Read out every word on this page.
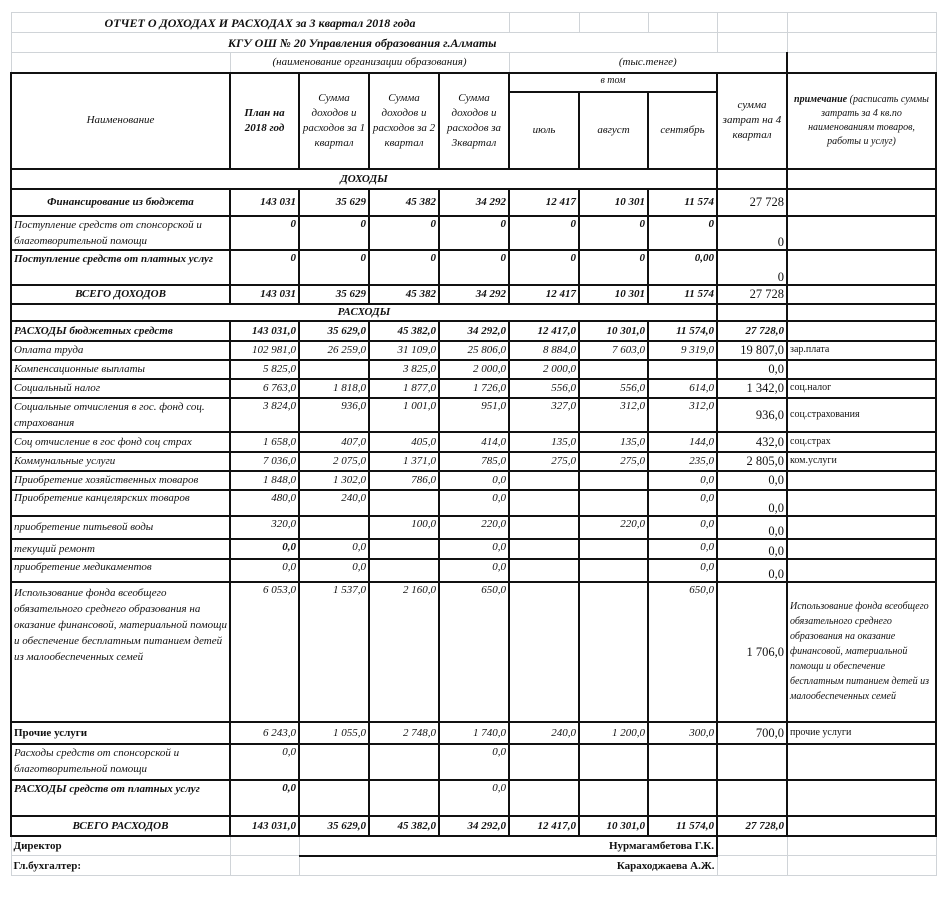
ОТЧЕТ О ДОХОДАХ И РАСХОДАХ за 3 квартал 2018 года									
КГУ ОШ № 20 Управления образования г.Алматы									
	(наименование организации образования)				(тыс.тенге)				
Наименование	План на 2018 год	Сумма доходов и расходов за 1 квартал	Сумма доходов и расходов за 2 квартал	Сумма доходов и расходов за 3квартал	в том			сумма затрат на 4 квартал	примечание (расписать суммы затрать за 4 кв.по наименованиям товаров, работы и услуг)
					июль	август	сентябрь		
ДОХОДЫ									
Финансирование из бюджета	143 031	35 629	45 382	34 292	12 417	10 301	11 574	27 728	
Поступление средств от спонсорской и благотворительной помощи	0	0	0	0	0	0	0	0	
Поступление средств от платных услуг	0	0	0	0	0	0	0,00	0	
ВСЕГО ДОХОДОВ	143 031	35 629	45 382	34 292	12 417	10 301	11 574	27 728	
РАСХОДЫ									
РАСХОДЫ бюджетных средств	143 031,0	35 629,0	45 382,0	34 292,0	12 417,0	10 301,0	11 574,0	27 728,0	
Оплата труда	102 981,0	26 259,0	31 109,0	25 806,0	8 884,0	7 603,0	9 319,0	19 807,0	зар.плата
Компенсационные выплаты	5 825,0		3 825,0	2 000,0	2 000,0			0,0	
Социальный налог	6 763,0	1 818,0	1 877,0	1 726,0	556,0	556,0	614,0	1 342,0	соц.налог
Социальные отчисления в гос. фонд соц. страхования	3 824,0	936,0	1 001,0	951,0	327,0	312,0	312,0	936,0	соц.страхования
Соц отчисление в гос фонд соц страх	1 658,0	407,0	405,0	414,0	135,0	135,0	144,0	432,0	соц.страх
Коммунальные услуги	7 036,0	2 075,0	1 371,0	785,0	275,0	275,0	235,0	2 805,0	ком.услуги
Приобретение хозяйственных товаров	1 848,0	1 302,0	786,0	0,0			0,0	0,0	
Приобретение канцелярских товаров	480,0	240,0		0,0			0,0	0,0	
приобретение питьевой воды	320,0		100,0	220,0		220,0	0,0	0,0	
текущий ремонт	0,0	0,0		0,0			0,0	0,0	
приобретение медикаментов	0,0	0,0		0,0			0,0	0,0	
Использование фонда всеобщего обязательного среднего образования на оказание финансовой, материальной помощи и обеспечение бесплатным питанием детей из малообеспеченных семей	6 053,0	1 537,0	2 160,0	650,0			650,0	1 706,0	Использование фонда всеобщего обязательного среднего образования на оказание финансовой, материальной помощи и обеспечение бесплатным питанием детей из малообеспеченных семей
Прочие услуги	6 243,0	1 055,0	2 748,0	1 740,0	240,0	1 200,0	300,0	700,0	прочие услуги
Расходы средств от спонсорской и благотворительной помощи	0,0			0,0					
РАСХОДЫ средств от платных услуг	0,0			0,0					
ВСЕГО РАСХОДОВ	143 031,0	35 629,0	45 382,0	34 292,0	12 417,0	10 301,0	11 574,0	27 728,0	
Директор		Нурмагамбетова Г.К.							
Гл.бухгалтер:		Караходжаева А.Ж.							
